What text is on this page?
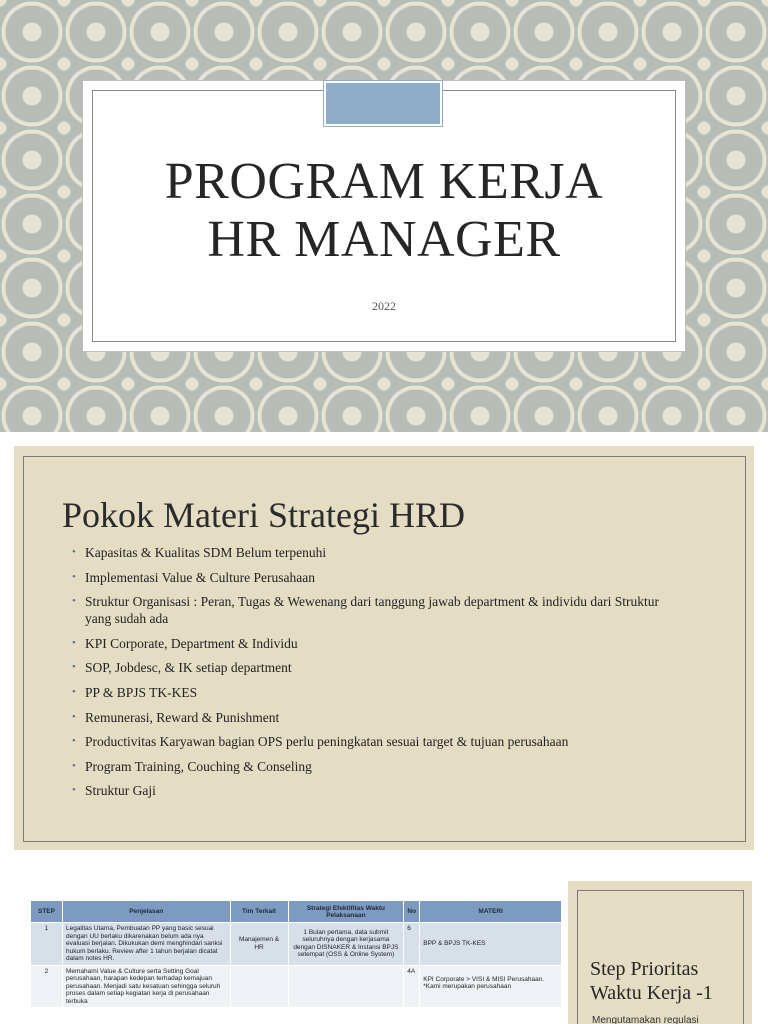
PROGRAM KERJA
HR MANAGER
2022
Pokok Materi Strategi HRD
• Kapasitas & Kualitas SDM Belum terpenuhi
• Implementasi Value & Culture Perusahaan
• Struktur Organisasi : Peran, Tugas & Wewenang dari tanggung jawab department & individu dari Struktur yang sudah ada
• KPI Corporate, Department & Individu
• SOP, Jobdesc, & IK setiap department
• PP & BPJS TK-KES
• Remunerasi, Reward & Punishment
• Productivitas Karyawan bagian OPS perlu peningkatan sesuai target & tujuan perusahaan
• Program Training, Couching & Conseling
• Struktur Gaji
STEP	Penjelasan	Tim Terkait	Strategi Efektifitas Waktu Pelaksanaan	No	MATERI
1	Legalitas Utama, Pembuatan PP yang basic sesuai dengan UU berlaku dikarenakan belum ada nya evaluasi berjalan. Dikukukan demi menghindari sanksi hukum berlaku. Review after 1 tahun berjalan dicatat dalam notes HR.	Manajemen & HR	1 Bulan pertama, data submit seluruhnya dengan kerjasama dengan DISNAKER & Instansi BPJS setempat (OSS & Online System)	6	BPP & BPJS TK-KES
2	Memahami Value & Culture serta Setting Goal perusahaan, harapan kedepan terhadap kemajuan perusahaan. Menjadi satu kesatuan sehingga seluruh proses dalam setiap kegiatan kerja di perusahaan terbuka			4A	KPI Corporate > VISI & MISI Perusahaan. *Kami merupakan perusahaan
Step Prioritas
Waktu Kerja -1
Mengutamakan regulasi
